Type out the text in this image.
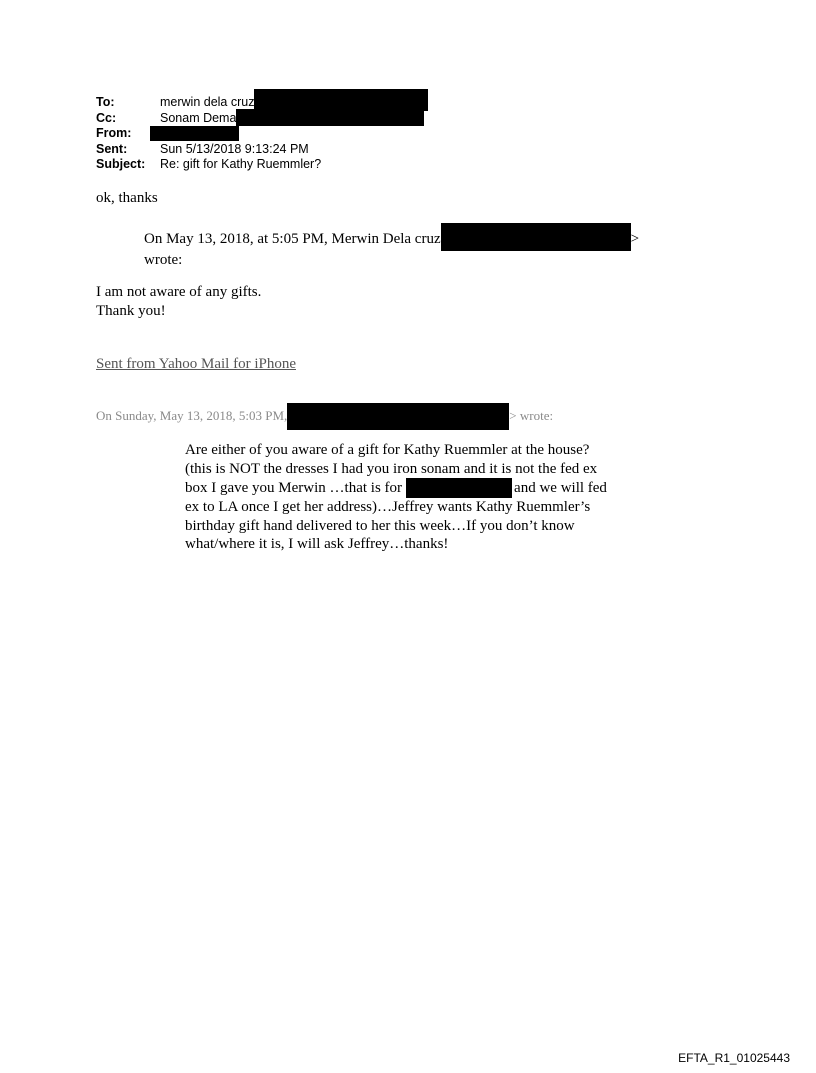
To:	merwin dela cruz
Cc:	Sonam Dema
From:
Sent:	Sun 5/13/2018 9:13:24 PM
Subject:	Re: gift for Kathy Ruemmler?
ok, thanks
On May 13, 2018, at 5:05 PM, Merwin Dela cruz	>
wrote:
I am not aware of any gifts.
Thank you!
Sent from Yahoo Mail for iPhone
On Sunday, May 13, 2018, 5:03 PM,	> wrote:
Are either of you aware of a gift for Kathy Ruemmler at the house?
(this is NOT the dresses I had you iron sonam and it is not the fed ex
box I gave you Merwin …that is for	and we will fed
ex to LA once I get her address)…Jeffrey wants Kathy Ruemmler’s
birthday gift hand delivered to her this week…If you don’t know
what/where it is, I will ask Jeffrey…thanks!
EFTA_R1_01025443
